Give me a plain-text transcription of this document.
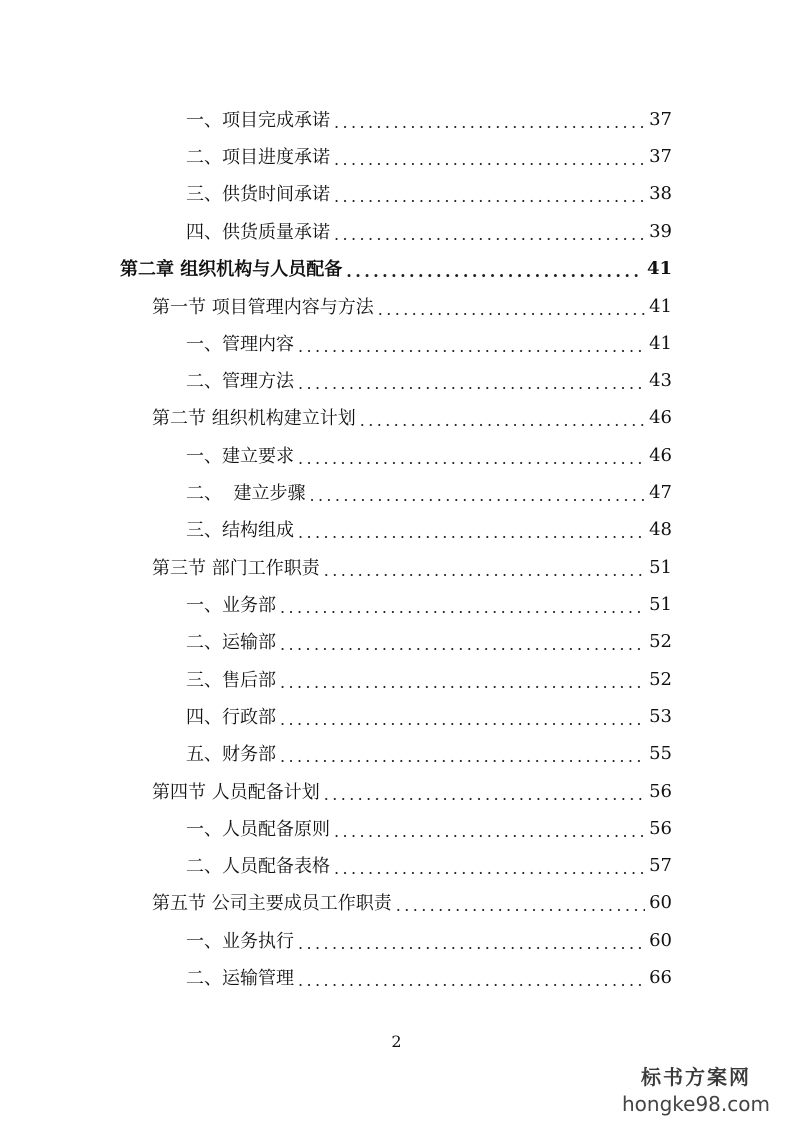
一、项目完成承诺 .....	37
二、项目进度承诺 .....	37
三、供货时间承诺 .....	38
四、供货质量承诺 .....	39
第二章 组织机构与人员配备 .....	41
第一节 项目管理内容与方法 .....	41
一、管理内容 .....	41
二、管理方法 .....	43
第二节 组织机构建立计划 .....	46
一、建立要求 .....	46
二、  建立步骤 .....	47
三、结构组成 .....	48
第三节 部门工作职责 .....	51
一、业务部 .....	51
二、运输部 .....	52
三、售后部 .....	52
四、行政部 .....	53
五、财务部 .....	55
第四节 人员配备计划 .....	56
一、人员配备原则 .....	56
二、人员配备表格 .....	57
第五节 公司主要成员工作职责 .....	60
一、业务执行 .....	60
二、运输管理 .....	66
2
标书方案网
hongke98.com
